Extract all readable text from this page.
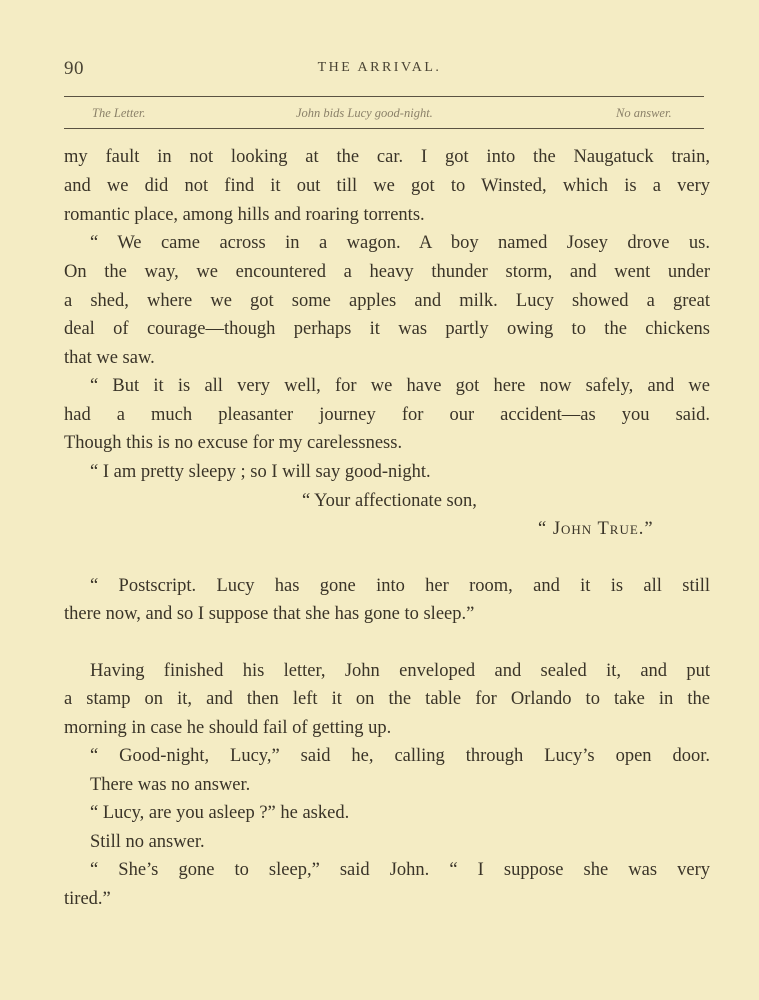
90	THE ARRIVAL.
The Letter.	John bids Lucy good-night.	No answer.
my fault in not looking at the car. I got into the Naugatuck train,
and we did not find it out till we got to Winsted, which is a very
romantic place, among hills and roaring torrents.
“ We came across in a wagon. A boy named Josey drove us.
On the way, we encountered a heavy thunder storm, and went under
a shed, where we got some apples and milk. Lucy showed a great
deal of courage—though perhaps it was partly owing to the chickens
that we saw.
“ But it is all very well, for we have got here now safely, and we
had a much pleasanter journey for our accident—as you said.
Though this is no excuse for my carelessness.
“ I am pretty sleepy ; so I will say good-night.
“ Your affectionate son,
“ John True.”
“ Postscript. Lucy has gone into her room, and it is all still
there now, and so I suppose that she has gone to sleep.”
Having finished his letter, John enveloped and sealed it, and put
a stamp on it, and then left it on the table for Orlando to take in the
morning in case he should fail of getting up.
“ Good-night, Lucy,” said he, calling through Lucy’s open door.
There was no answer.
“ Lucy, are you asleep ?” he asked.
Still no answer.
“ She’s gone to sleep,” said John. “ I suppose she was very
tired.”
